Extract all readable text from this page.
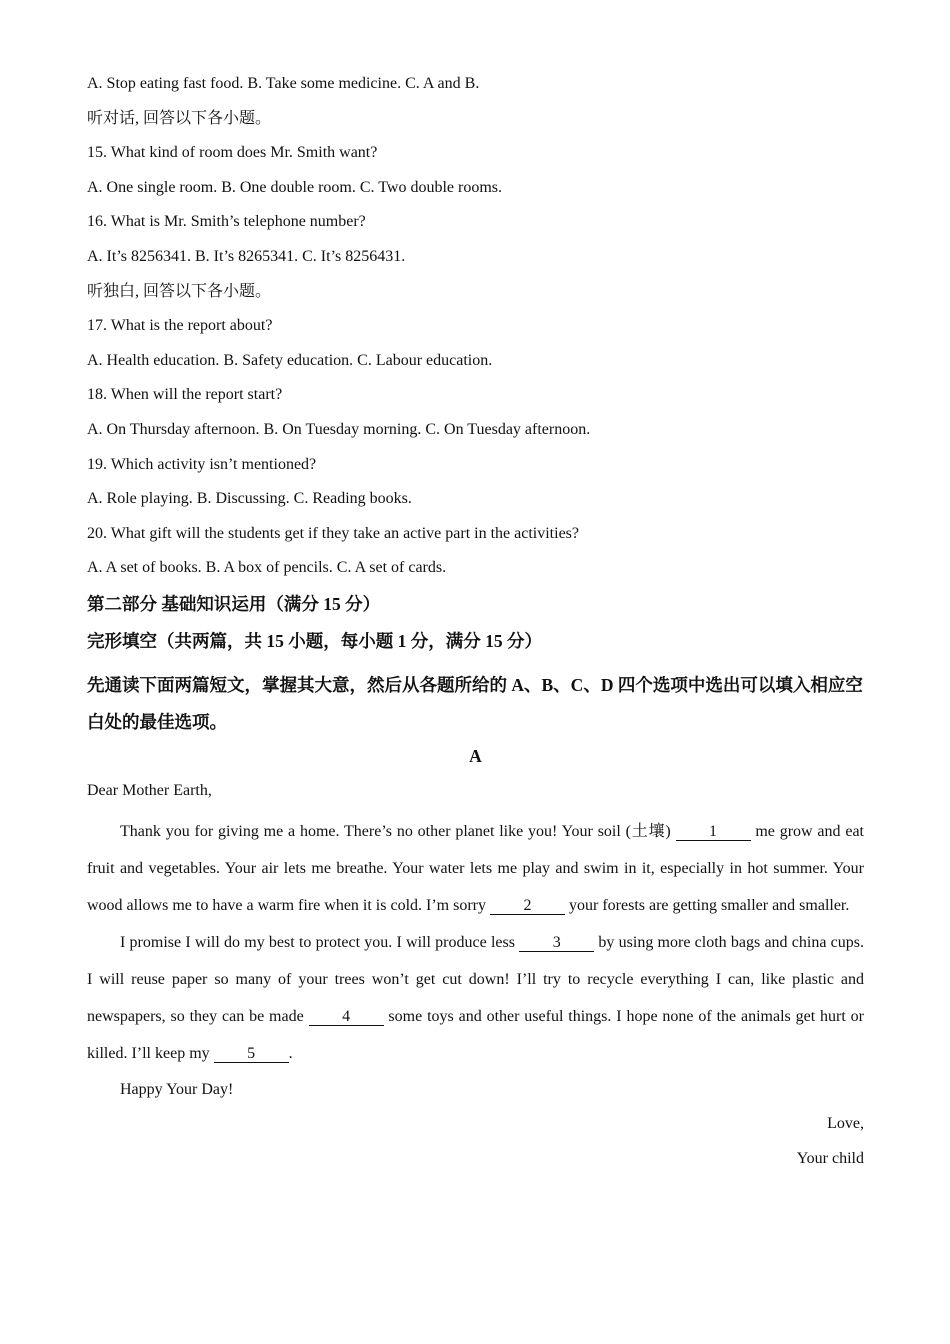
A. Stop eating fast food. B. Take some medicine. C. A and B.
听对话, 回答以下各小题。
15. What kind of room does Mr. Smith want?
A. One single room. B. One double room. C. Two double rooms.
16. What is Mr. Smith’s telephone number?
A. It’s 8256341. B. It’s 8265341. C. It’s 8256431.
听独白, 回答以下各小题。
17. What is the report about?
A. Health education. B. Safety education. C. Labour education.
18. When will the report start?
A. On Thursday afternoon. B. On Tuesday morning. C. On Tuesday afternoon.
19. Which activity isn’t mentioned?
A. Role playing. B. Discussing. C. Reading books.
20. What gift will the students get if they take an active part in the activities?
A. A set of books. B. A box of pencils. C. A set of cards.
第二部分 基础知识运用（满分 15 分）
完形填空（共两篇，共 15 小题，每小题 1 分，满分 15 分）
先通读下面两篇短文，掌握其大意，然后从各题所给的 A、B、C、D 四个选项中选出可以填入相应空白处的最佳选项。
A
Dear Mother Earth,

Thank you for giving me a home. There’s no other planet like you! Your soil (土壤) 1 me grow and eat fruit and vegetables. Your air lets me breathe. Your water lets me play and swim in it, especially in hot summer. Your wood allows me to have a warm fire when it is cold. I’m sorry 2 your forests are getting smaller and smaller.

I promise I will do my best to protect you. I will produce less 3 by using more cloth bags and china cups. I will reuse paper so many of your trees won’t get cut down! I’ll try to recycle everything I can, like plastic and newspapers, so they can be made 4 some toys and other useful things. I hope none of the animals get hurt or killed. I’ll keep my 5 .

Happy Your Day!
Love,
Your child
